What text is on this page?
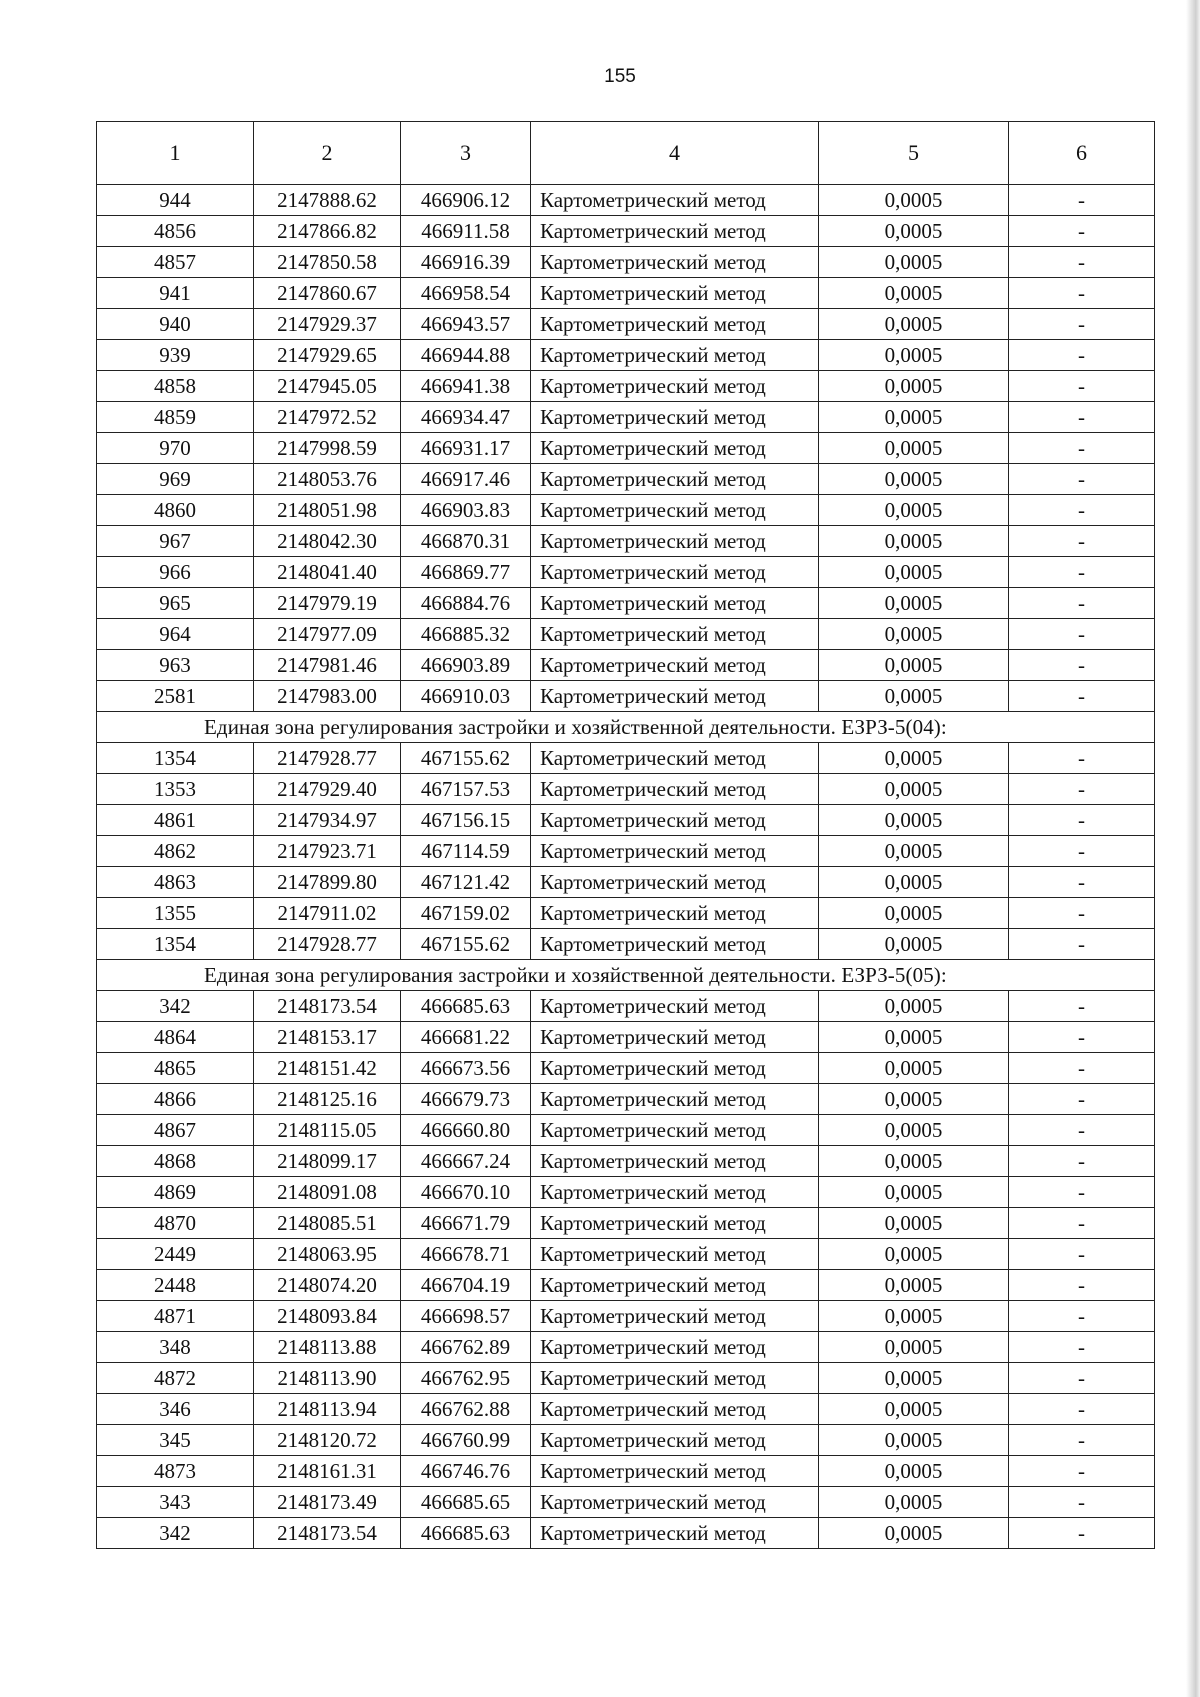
155
1	2	3	4	5	6
944	2147888.62	466906.12	Картометрический метод	0,0005	-
4856	2147866.82	466911.58	Картометрический метод	0,0005	-
4857	2147850.58	466916.39	Картометрический метод	0,0005	-
941	2147860.67	466958.54	Картометрический метод	0,0005	-
940	2147929.37	466943.57	Картометрический метод	0,0005	-
939	2147929.65	466944.88	Картометрический метод	0,0005	-
4858	2147945.05	466941.38	Картометрический метод	0,0005	-
4859	2147972.52	466934.47	Картометрический метод	0,0005	-
970	2147998.59	466931.17	Картометрический метод	0,0005	-
969	2148053.76	466917.46	Картометрический метод	0,0005	-
4860	2148051.98	466903.83	Картометрический метод	0,0005	-
967	2148042.30	466870.31	Картометрический метод	0,0005	-
966	2148041.40	466869.77	Картометрический метод	0,0005	-
965	2147979.19	466884.76	Картометрический метод	0,0005	-
964	2147977.09	466885.32	Картометрический метод	0,0005	-
963	2147981.46	466903.89	Картометрический метод	0,0005	-
2581	2147983.00	466910.03	Картометрический метод	0,0005	-
Единая зона регулирования застройки и хозяйственной деятельности. ЕЗРЗ-5(04):					
1354	2147928.77	467155.62	Картометрический метод	0,0005	-
1353	2147929.40	467157.53	Картометрический метод	0,0005	-
4861	2147934.97	467156.15	Картометрический метод	0,0005	-
4862	2147923.71	467114.59	Картометрический метод	0,0005	-
4863	2147899.80	467121.42	Картометрический метод	0,0005	-
1355	2147911.02	467159.02	Картометрический метод	0,0005	-
1354	2147928.77	467155.62	Картометрический метод	0,0005	-
Единая зона регулирования застройки и хозяйственной деятельности. ЕЗРЗ-5(05):					
342	2148173.54	466685.63	Картометрический метод	0,0005	-
4864	2148153.17	466681.22	Картометрический метод	0,0005	-
4865	2148151.42	466673.56	Картометрический метод	0,0005	-
4866	2148125.16	466679.73	Картометрический метод	0,0005	-
4867	2148115.05	466660.80	Картометрический метод	0,0005	-
4868	2148099.17	466667.24	Картометрический метод	0,0005	-
4869	2148091.08	466670.10	Картометрический метод	0,0005	-
4870	2148085.51	466671.79	Картометрический метод	0,0005	-
2449	2148063.95	466678.71	Картометрический метод	0,0005	-
2448	2148074.20	466704.19	Картометрический метод	0,0005	-
4871	2148093.84	466698.57	Картометрический метод	0,0005	-
348	2148113.88	466762.89	Картометрический метод	0,0005	-
4872	2148113.90	466762.95	Картометрический метод	0,0005	-
346	2148113.94	466762.88	Картометрический метод	0,0005	-
345	2148120.72	466760.99	Картометрический метод	0,0005	-
4873	2148161.31	466746.76	Картометрический метод	0,0005	-
343	2148173.49	466685.65	Картометрический метод	0,0005	-
342	2148173.54	466685.63	Картометрический метод	0,0005	-
